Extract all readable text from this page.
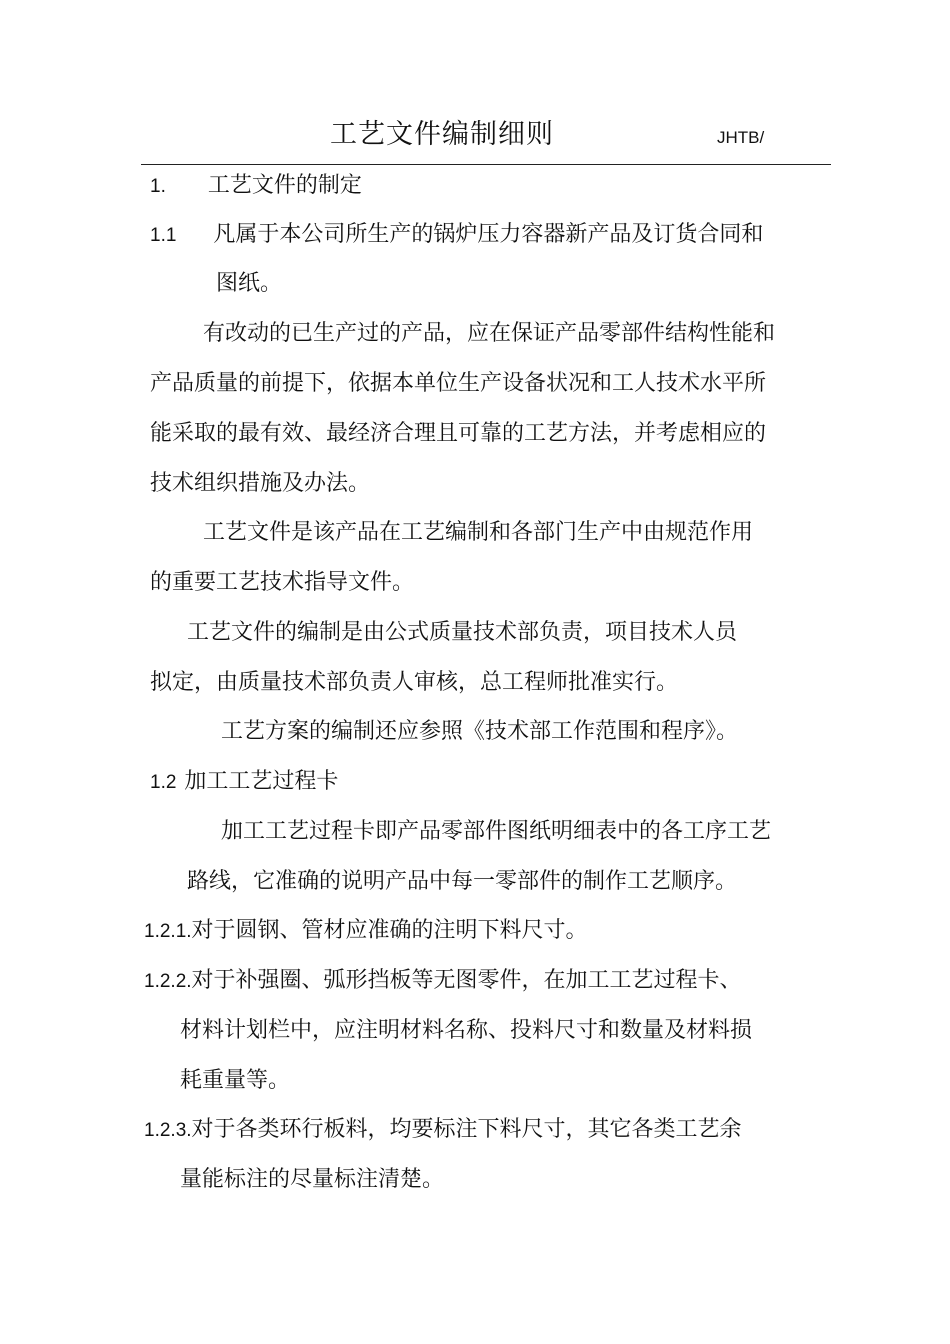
工艺文件编制细则	JHTB/
1. 工艺文件的制定
1.1 凡属于本公司所生产的锅炉压力容器新产品及订货合同和
图纸。
有改动的已生产过的产品，应在保证产品零部件结构性能和
产品质量的前提下，依据本单位生产设备状况和工人技术水平所
能采取的最有效、最经济合理且可靠的工艺方法，并考虑相应的
技术组织措施及办法。
工艺文件是该产品在工艺编制和各部门生产中由规范作用
的重要工艺技术指导文件。
工艺文件的编制是由公式质量技术部负责，项目技术人员
拟定，由质量技术部负责人审核，总工程师批准实行。
工艺方案的编制还应参照《技术部工作范围和程序》。
1.2 加工工艺过程卡
加工工艺过程卡即产品零部件图纸明细表中的各工序工艺
路线，它准确的说明产品中每一零部件的制作工艺顺序。
1.2.1.对于圆钢、管材应准确的注明下料尺寸。
1.2.2.对于补强圈、弧形挡板等无图零件，在加工工艺过程卡、
材料计划栏中，应注明材料名称、投料尺寸和数量及材料损
耗重量等。
1.2.3.对于各类环行板料，均要标注下料尺寸，其它各类工艺余
量能标注的尽量标注清楚。
